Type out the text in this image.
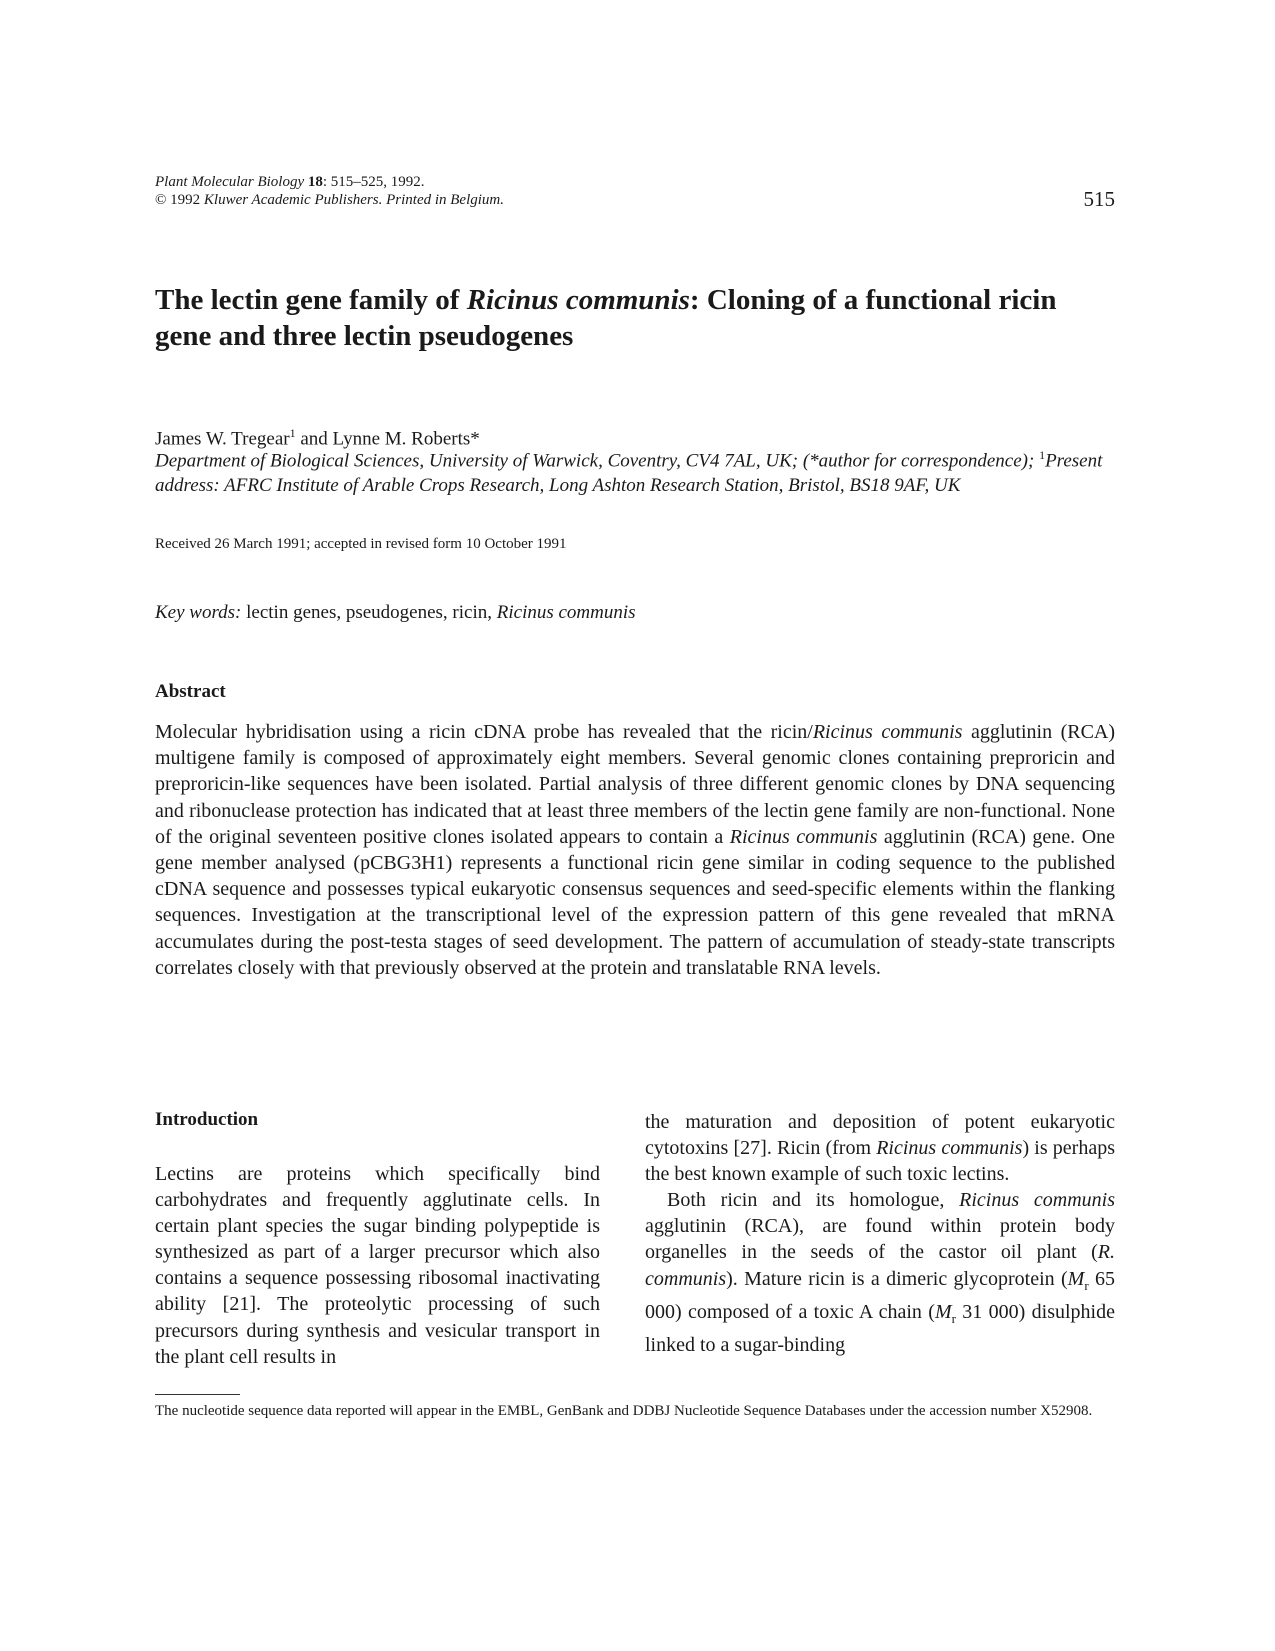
Plant Molecular Biology 18: 515–525, 1992.
© 1992 Kluwer Academic Publishers. Printed in Belgium.	515
The lectin gene family of Ricinus communis: Cloning of a functional ricin gene and three lectin pseudogenes
James W. Tregear$^1$ and Lynne M. Roberts*
Department of Biological Sciences, University of Warwick, Coventry, CV4 7AL, UK; (*author for correspondence); $^1$Present address: AFRC Institute of Arable Crops Research, Long Ashton Research Station, Bristol, BS18 9AF, UK
Received 26 March 1991; accepted in revised form 10 October 1991
Key words: lectin genes, pseudogenes, ricin, Ricinus communis
Abstract
Molecular hybridisation using a ricin cDNA probe has revealed that the ricin/Ricinus communis agglutinin (RCA) multigene family is composed of approximately eight members. Several genomic clones containing preproricin and preproricin-like sequences have been isolated. Partial analysis of three different genomic clones by DNA sequencing and ribonuclease protection has indicated that at least three members of the lectin gene family are non-functional. None of the original seventeen positive clones isolated appears to contain a Ricinus communis agglutinin (RCA) gene. One gene member analysed (pCBG3H1) represents a functional ricin gene similar in coding sequence to the published cDNA sequence and possesses typical eukaryotic consensus sequences and seed-specific elements within the flanking sequences. Investigation at the transcriptional level of the expression pattern of this gene revealed that mRNA accumulates during the post-testa stages of seed development. The pattern of accumulation of steady-state transcripts correlates closely with that previously observed at the protein and translatable RNA levels.
Introduction
Lectins are proteins which specifically bind carbohydrates and frequently agglutinate cells. In certain plant species the sugar binding polypeptide is synthesized as part of a larger precursor which also contains a sequence possessing ribosomal inactivating ability [21]. The proteolytic processing of such precursors during synthesis and vesicular transport in the plant cell results in

the maturation and deposition of potent eukaryotic cytotoxins [27]. Ricin (from Ricinus communis) is perhaps the best known example of such toxic lectins.

Both ricin and its homologue, Ricinus communis agglutinin (RCA), are found within protein body organelles in the seeds of the castor oil plant (R. communis). Mature ricin is a dimeric glycoprotein ($M_r$ 65 000) composed of a toxic A chain ($M_r$ 31 000) disulphide linked to a sugar-binding

The nucleotide sequence data reported will appear in the EMBL, GenBank and DDBJ Nucleotide Sequence Databases under the accession number X52908.
